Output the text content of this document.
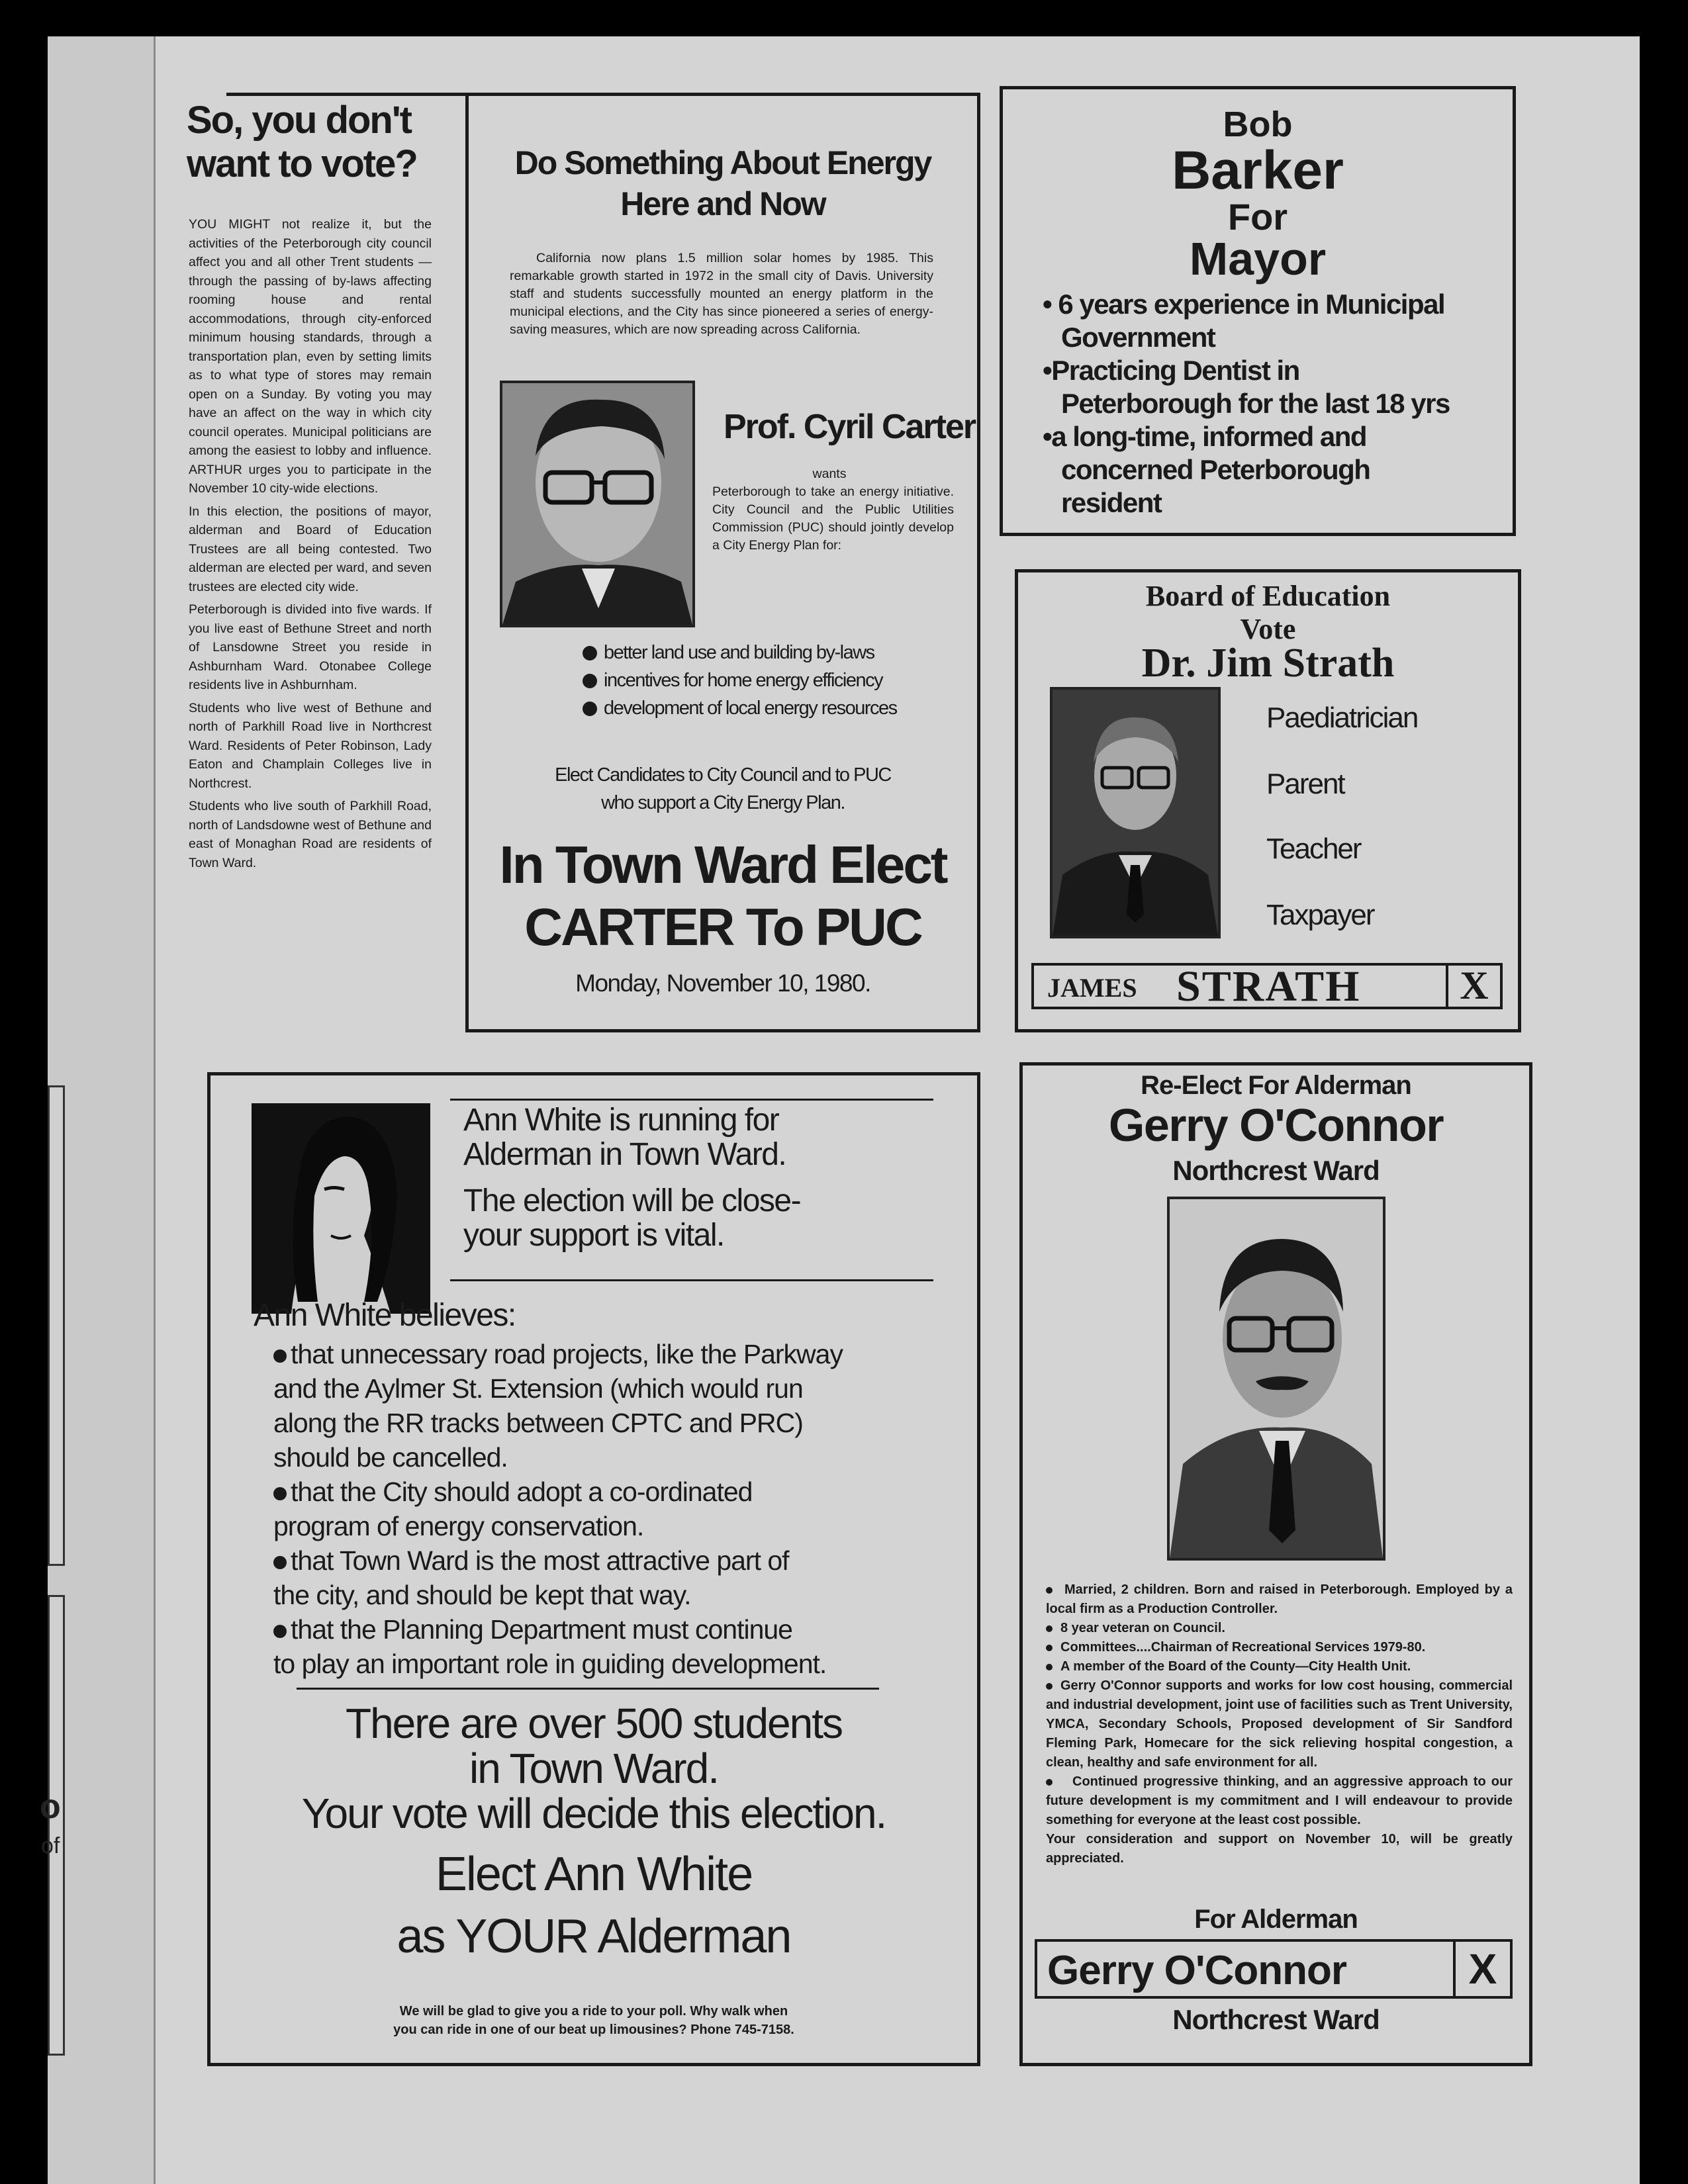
o
of
So, you don't
want to vote?

YOU MIGHT not realize it, but the activities of the Peterborough city council affect you and all other Trent students — through the passing of by-laws affecting rooming house and rental accommodations, through city-enforced minimum housing standards, through a transportation plan, even by setting limits as to what type of stores may remain open on a Sunday. By voting you may have an affect on the way in which city council operates. Municipal politicians are among the easiest to lobby and influence. ARTHUR urges you to participate in the November 10 city-wide elections.

In this election, the positions of mayor, alderman and Board of Education Trustees are all being contested. Two alderman are elected per ward, and seven trustees are elected city wide.

Peterborough is divided into five wards. If you live east of Bethune Street and north of Lansdowne Street you reside in Ashburnham Ward. Otonabee College residents live in Ashburnham.

Students who live west of Bethune and north of Parkhill Road live in Northcrest Ward. Residents of Peter Robinson, Lady Eaton and Champlain Colleges live in Northcrest.

Students who live south of Parkhill Road, north of Landsdowne west of Bethune and east of Monaghan Road are residents of Town Ward.

Do Something About Energy
Here and Now
California now plans 1.5 million solar homes by 1985. This remarkable growth started in 1972 in the small city of Davis. University staff and students successfully mounted an energy platform in the municipal elections, and the City has since pioneered a series of energy-saving measures, which are now spreading across California.
Prof. Cyril Carter
wants
Peterborough to take an energy initiative. City Council and the Public Utilities Commission (PUC) should jointly develop a City Energy Plan for:
better land use and building by-laws
incentives for home energy efficiency
development of local energy resources
Elect Candidates to City Council and to PUC
who support a City Energy Plan.
In Town Ward Elect
CARTER To PUC
Monday, November 10, 1980.
Bob
Barker
For
Mayor
• 6 years experience in Municipal
Government
•Practicing Dentist in
Peterborough for the last 18 yrs
•a long-time, informed and
concerned Peterborough
resident
Board of Education
Vote
Dr. Jim Strath
Paediatrician
Parent
Teacher
Taxpayer
JAMES STRATH	X
Ann White is running for
Alderman in Town Ward.
The election will be close-
your support is vital.
Ann White believes:
that unnecessary road projects, like the Parkway
and the Aylmer St. Extension (which would run
along the RR tracks between CPTC and PRC)
should be cancelled.
that the City should adopt a co-ordinated
program of energy conservation.
that Town Ward is the most attractive part of
the city, and should be kept that way.
that the Planning Department must continue
to play an important role in guiding development.
There are over 500 students
in Town Ward.
Your vote will decide this election.
Elect Ann White
as YOUR Alderman
We will be glad to give you a ride to your poll. Why walk when
you can ride in one of our beat up limousines? Phone 745-7158.
Re-Elect For Alderman
Gerry O'Connor
Northcrest Ward
Married, 2 children. Born and raised in Peterborough. Employed by a local firm as a Production Controller.
8 year veteran on Council.
Committees....Chairman of Recreational Services 1979-80.
A member of the Board of the County—City Health Unit.
Gerry O'Connor supports and works for low cost housing, commercial and industrial development, joint use of facilities such as Trent University, YMCA, Secondary Schools, Proposed development of Sir Sandford Fleming Park, Homecare for the sick relieving hospital congestion, a clean, healthy and safe environment for all.
Continued progressive thinking, and an aggressive approach to our future development is my commitment and I will endeavour to provide something for everyone at the least cost possible.
Your consideration and support on November 10, will be greatly appreciated.
For Alderman
Gerry O'Connor	X
Northcrest Ward
